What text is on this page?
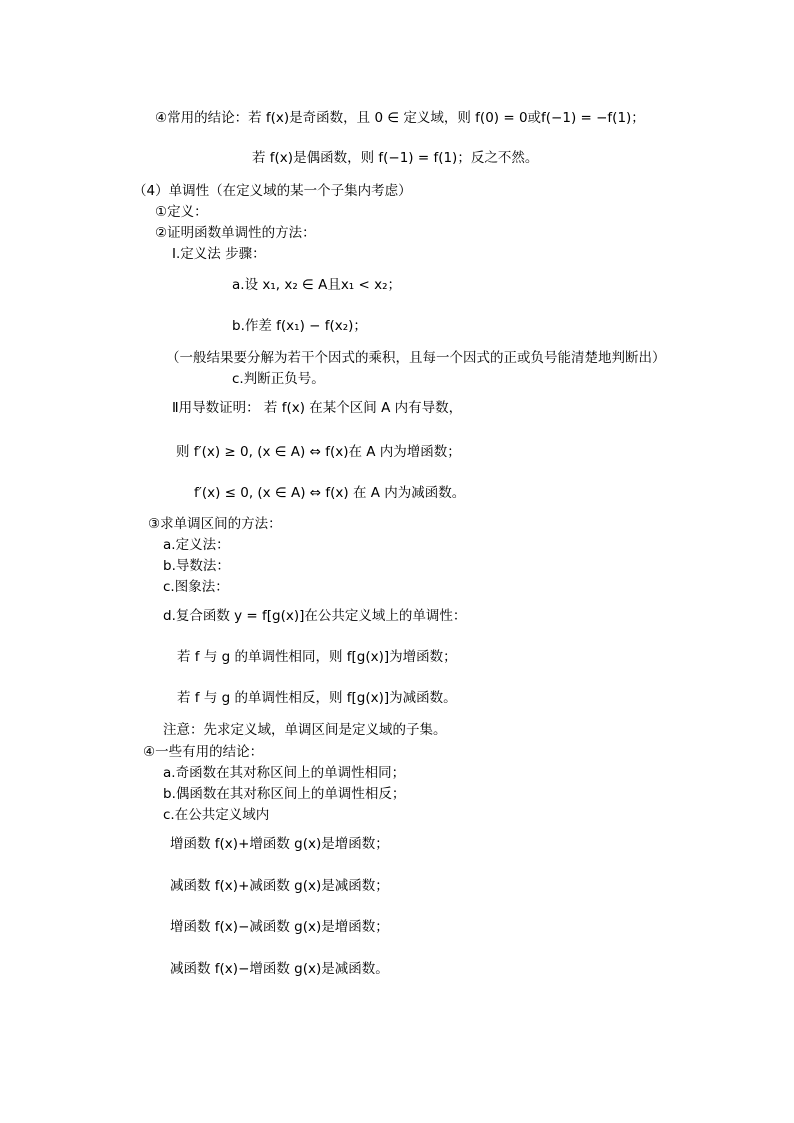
④常用的结论：若 f(x)是奇函数，且 0 ∈ 定义域，则 f(0) = 0或f(−1) = −f(1)；
若 f(x)是偶函数，则 f(−1) = f(1)；反之不然。
（4）单调性（在定义域的某一个子集内考虑）
①定义：
②证明函数单调性的方法：
Ⅰ.定义法 步骤：
a.设 x₁, x₂ ∈ A且x₁ < x₂；
b.作差 f(x₁) − f(x₂)；
（一般结果要分解为若干个因式的乘积，且每一个因式的正或负号能清楚地判断出）
c.判断正负号。
Ⅱ用导数证明： 若 f(x) 在某个区间 A 内有导数，
则 f′(x) ≥ 0, (x ∈ A) ⇔ f(x)在 A 内为增函数；
f′(x) ≤ 0, (x ∈ A) ⇔ f(x) 在 A 内为减函数。
③求单调区间的方法：
a.定义法：
b.导数法：
c.图象法：
d.复合函数 y = f[g(x)]在公共定义域上的单调性：
若 f 与 g 的单调性相同，则 f[g(x)]为增函数；
若 f 与 g 的单调性相反，则 f[g(x)]为减函数。
注意：先求定义域，单调区间是定义域的子集。
④一些有用的结论：
a.奇函数在其对称区间上的单调性相同；
b.偶函数在其对称区间上的单调性相反；
c.在公共定义域内
增函数 f(x)+增函数 g(x)是增函数；
减函数 f(x)+减函数 g(x)是减函数；
增函数 f(x)−减函数 g(x)是增函数；
减函数 f(x)−增函数 g(x)是减函数。
